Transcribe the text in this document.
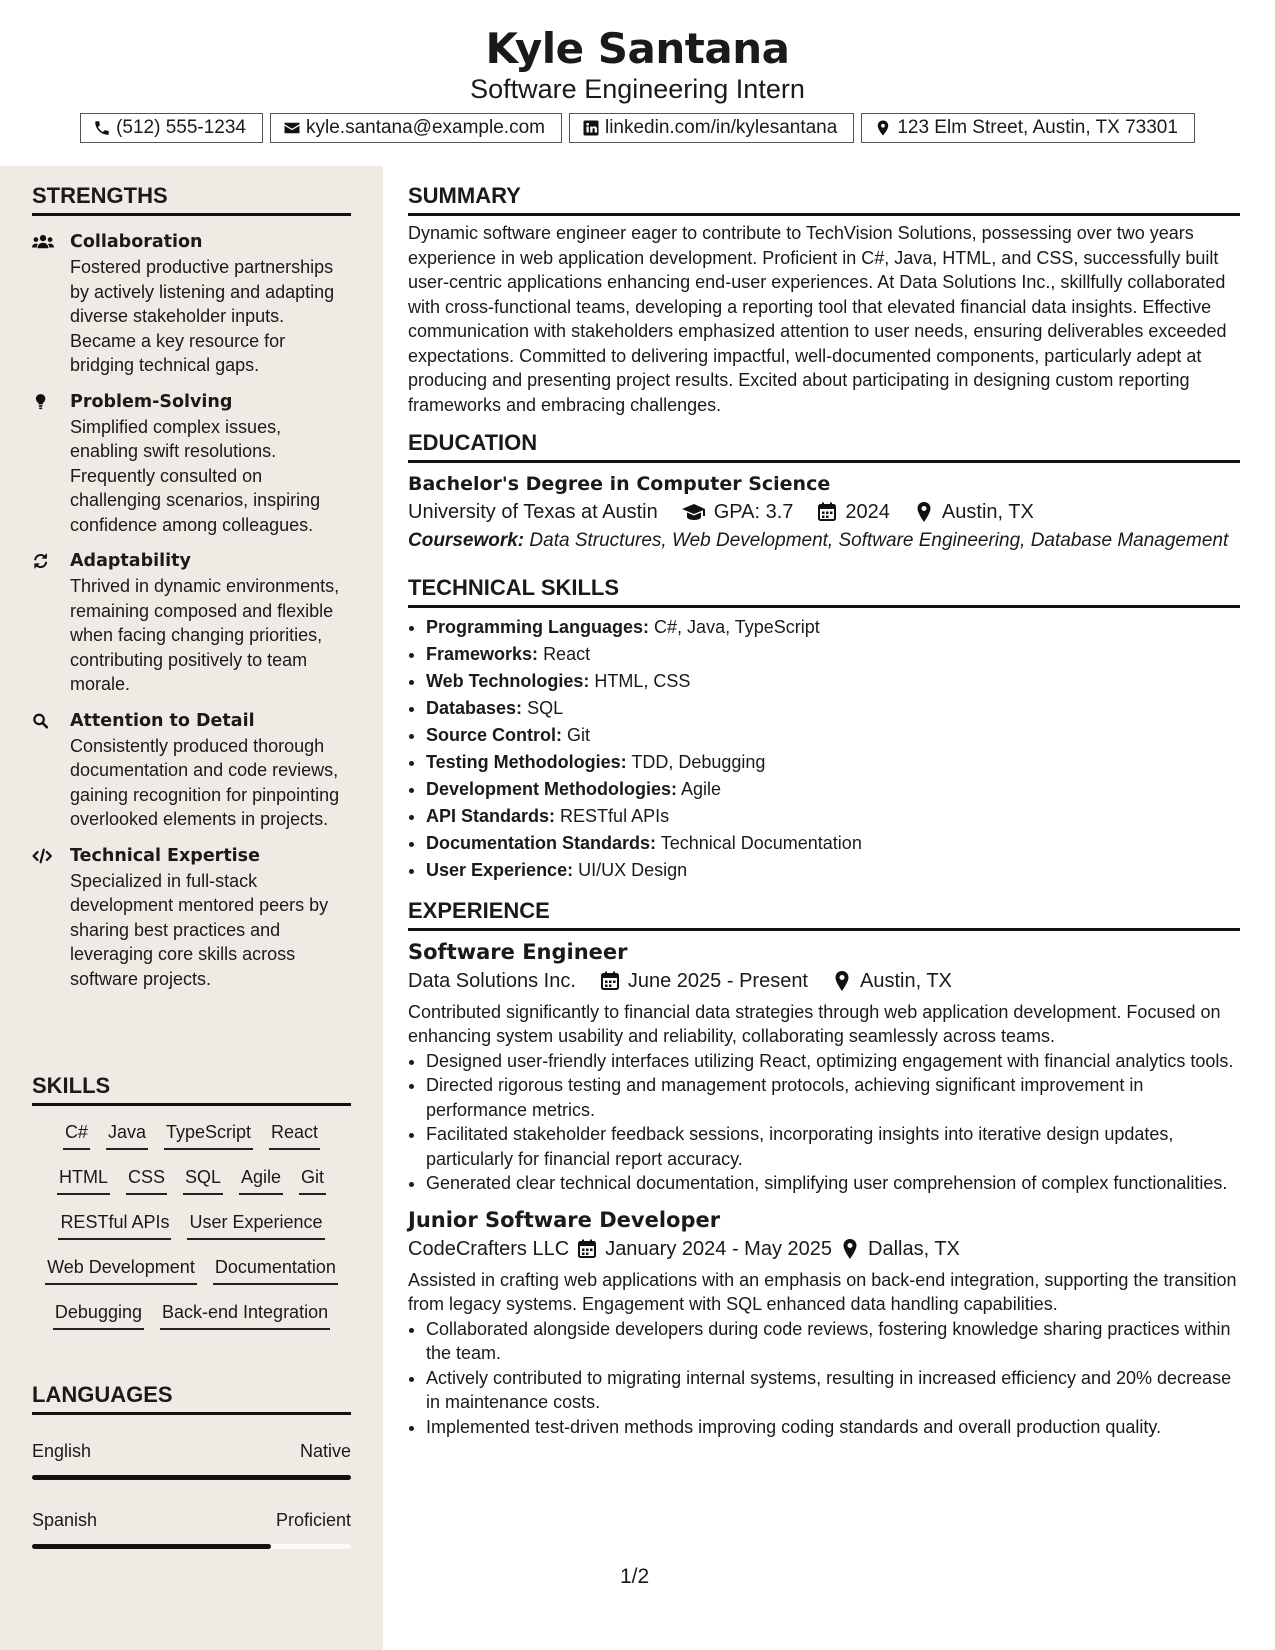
Kyle Santana
Software Engineering Intern
(512) 555-1234	kyle.santana@example.com	linkedin.com/in/kylesantana	123 Elm Street, Austin, TX 73301
STRENGTHS
Collaboration
Fostered productive partnerships by actively listening and adapting diverse stakeholder inputs. Became a key resource for bridging technical gaps.
Problem-Solving
Simplified complex issues, enabling swift resolutions. Frequently consulted on challenging scenarios, inspiring confidence among colleagues.
Adaptability
Thrived in dynamic environments, remaining composed and flexible when facing changing priorities, contributing positively to team morale.
Attention to Detail
Consistently produced thorough documentation and code reviews, gaining recognition for pinpointing overlooked elements in projects.
Technical Expertise
Specialized in full-stack development mentored peers by sharing best practices and leveraging core skills across software projects.
SKILLS
C# Java TypeScript React
HTML CSS SQL Agile Git
RESTful APIs User Experience
Web Development Documentation
Debugging Back-end Integration
LANGUAGES
English	Native
Spanish	Proficient
SUMMARY
Dynamic software engineer eager to contribute to TechVision Solutions, possessing over two years experience in web application development. Proficient in C#, Java, HTML, and CSS, successfully built user-centric applications enhancing end-user experiences. At Data Solutions Inc., skillfully collaborated with cross-functional teams, developing a reporting tool that elevated financial data insights. Effective communication with stakeholders emphasized attention to user needs, ensuring deliverables exceeded expectations. Committed to delivering impactful, well-documented components, particularly adept at producing and presenting project results. Excited about participating in designing custom reporting frameworks and embracing challenges.
EDUCATION
Bachelor's Degree in Computer Science
University of Texas at Austin	GPA: 3.7	2024	Austin, TX
Coursework: Data Structures, Web Development, Software Engineering, Database Management
TECHNICAL SKILLS
• Programming Languages: C#, Java, TypeScript
• Frameworks: React
• Web Technologies: HTML, CSS
• Databases: SQL
• Source Control: Git
• Testing Methodologies: TDD, Debugging
• Development Methodologies: Agile
• API Standards: RESTful APIs
• Documentation Standards: Technical Documentation
• User Experience: UI/UX Design
EXPERIENCE
Software Engineer
Data Solutions Inc.	June 2025 - Present	Austin, TX
Contributed significantly to financial data strategies through web application development. Focused on enhancing system usability and reliability, collaborating seamlessly across teams.
• Designed user-friendly interfaces utilizing React, optimizing engagement with financial analytics tools.
• Directed rigorous testing and management protocols, achieving significant improvement in performance metrics.
• Facilitated stakeholder feedback sessions, incorporating insights into iterative design updates, particularly for financial report accuracy.
• Generated clear technical documentation, simplifying user comprehension of complex functionalities.
Junior Software Developer
CodeCrafters LLC January 2024 - May 2025 Dallas, TX
Assisted in crafting web applications with an emphasis on back-end integration, supporting the transition from legacy systems. Engagement with SQL enhanced data handling capabilities.
• Collaborated alongside developers during code reviews, fostering knowledge sharing practices within the team.
• Actively contributed to migrating internal systems, resulting in increased efficiency and 20% decrease in maintenance costs.
• Implemented test-driven methods improving coding standards and overall production quality.
1/2
